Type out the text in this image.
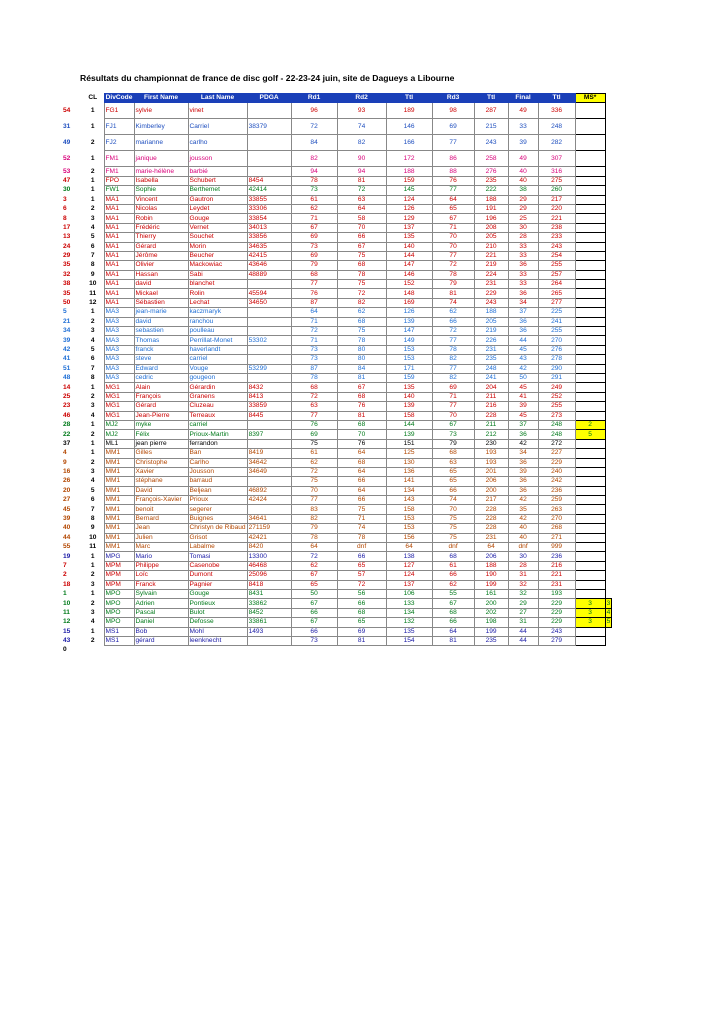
Résultats du championnat de france de disc golf - 22-23-24 juin, site de Dagueys a Libourne
	CL	DivCode	First Name	Last Name	PDGA	Rd1	Rd2	Ttl	Rd3	Ttl	Final	Ttl	MS*	
54	1	FG1	sylvie	vinet		96	93	189	98	287	49	336		
31	1	FJ1	Kimberley	Carriel	38379	72	74	146	69	215	33	248		
49	2	FJ2	marianne	carlho		84	82	166	77	243	39	282		
52	1	FM1	janique	jousson		82	90	172	86	258	49	307		
53	2	FM1	marie-hélène	barbié		94	94	188	88	276	40	316		
47	1	FPO	Isabella	Schubert	8454	78	81	159	76	235	40	275		
30	1	FW1	Sophie	Berthemet	42414	73	72	145	77	222	38	260		
3	1	MA1	Vincent	Gautron	33855	61	63	124	64	188	29	217		
6	2	MA1	Nicolas	Leydet	33306	62	64	126	65	191	29	220		
8	3	MA1	Robin	Gouge	33854	71	58	129	67	196	25	221		
17	4	MA1	Frédéric	Vernet	34013	67	70	137	71	208	30	238		
13	5	MA1	Thierry	Souchet	33856	69	66	135	70	205	28	233		
24	6	MA1	Gérard	Morin	34635	73	67	140	70	210	33	243		
29	7	MA1	Jérôme	Beucher	42415	69	75	144	77	221	33	254		
35	8	MA1	Olivier	Mackowiac	43646	79	68	147	72	219	36	255		
32	9	MA1	Hassan	Sabi	48889	68	78	146	78	224	33	257		
38	10	MA1	david	blanchet		77	75	152	79	231	33	264		
35	11	MA1	Mickael	Rolin	45594	76	72	148	81	229	36	265		
50	12	MA1	Sébastien	Lechat	34650	87	82	169	74	243	34	277		
5	1	MA3	jean-marie	kaczmaryk		64	62	126	62	188	37	225		
21	2	MA3	david	ranchou		71	68	139	66	205	36	241		
34	3	MA3	sebastien	poulleau		72	75	147	72	219	36	255		
39	4	MA3	Thomas	Perrillat-Monet	53302	71	78	149	77	226	44	270		
42	5	MA3	franck	haverlandt		73	80	153	78	231	45	276		
41	6	MA3	steve	carriel		73	80	153	82	235	43	278		
51	7	MA3	Edward	Vouge	53299	87	84	171	77	248	42	290		
48	8	MA3	cedric	gougeon		78	81	159	82	241	50	291		
14	1	MG1	Alain	Gérardin	8432	68	67	135	69	204	45	249		
25	2	MG1	François	Granens	8413	72	68	140	71	211	41	252		
23	3	MG1	Gérard	Cluzeau	33859	63	76	139	77	216	39	255		
46	4	MG1	Jean-Pierre	Terreaux	8445	77	81	158	70	228	45	273		
28	1	MJ2	myke	carriel		76	68	144	67	211	37	248	2	
22	2	MJ2	Félix	Prioux-Martin	8397	69	70	139	73	212	36	248	5	
37	1	ML1	jean pierre	ferrandon		75	76	151	79	230	42	272		
4	1	MM1	Gilles	Ban	8419	61	64	125	68	193	34	227		
9	2	MM1	Christophe	Carlho	34642	62	68	130	63	193	36	229		
16	3	MM1	Xavier	Jousson	34649	72	64	136	65	201	39	240		
26	4	MM1	stéphane	barraud		75	66	141	65	206	36	242		
20	5	MM1	David	Beljean	46892	70	64	134	66	200	36	236		
27	6	MM1	François-Xavier	Prioux	42424	77	66	143	74	217	42	259		
45	7	MM1	benoit	segerer		83	75	158	70	228	35	263		
39	8	MM1	Bernard	Buignes	34641	82	71	153	75	228	42	270		
40	9	MM1	Jean	Christyn de Ribaud	271159	79	74	153	75	228	40	268		
44	10	MM1	Julien	Grisot	42421	78	78	156	75	231	40	271		
55	11	MM1	Marc	Labalme	8420	64	dnf	64	dnf	64	dnf	999		
19	1	MPG	Mario	Tomasi	13300	72	66	138	68	206	30	236		
7	1	MPM	Philippe	Casenobe	46468	62	65	127	61	188	28	216		
2	2	MPM	Loïc	Dumont	25096	67	57	124	66	190	31	221		
18	3	MPM	Franck	Pagnier	8418	65	72	137	62	199	32	231		
1	1	MPO	Sylvain	Gouge	8431	50	56	106	55	161	32	193		
10	2	MPO	Adrien	Pontieux	33862	67	66	133	67	200	29	229	3	3
11	3	MPO	Pascal	Bulot	8452	66	68	134	68	202	27	229	3	4
12	4	MPO	Daniel	Defosse	33861	67	65	132	66	198	31	229	3	5
15	1	MS1	Bob	Mohl	1493	66	69	135	64	199	44	243		
43	2	MS1	gérard	leenknecht		73	81	154	81	235	44	279		
0														
